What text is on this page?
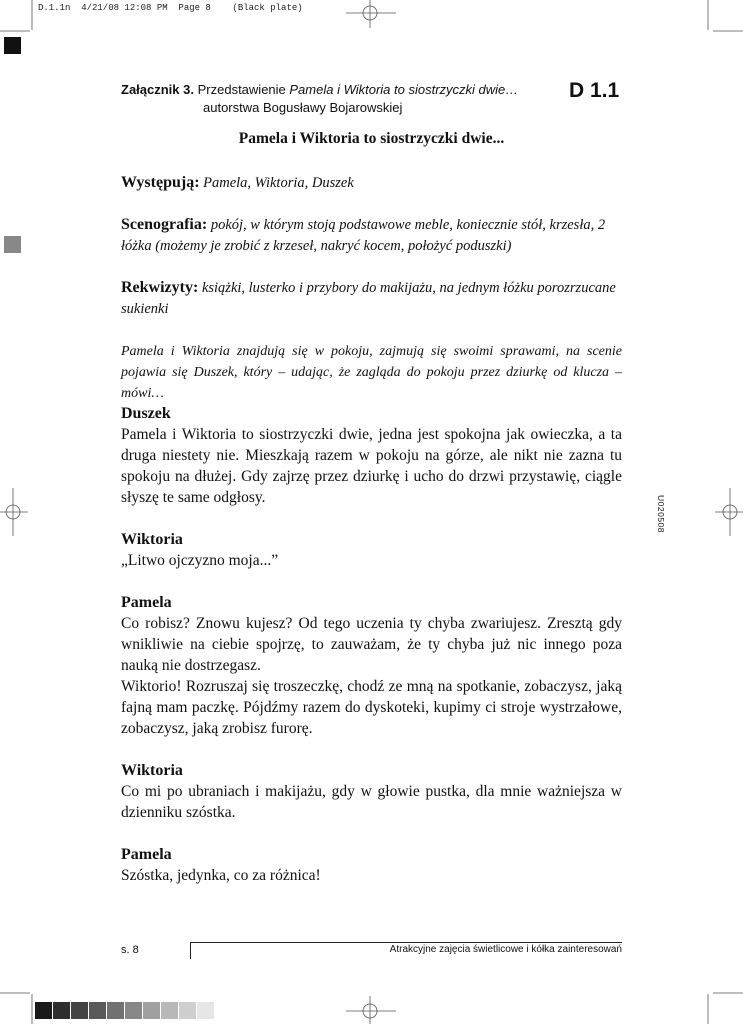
D.1.1n  4/21/08 12:08 PM  Page 8    (Black plate)
Załącznik 3. Przedstawienie Pamela i Wiktoria to siostrzyczki dwie…
autorstwa Bogusławy Bojarowskiej
D 1.1
Pamela i Wiktoria to siostrzyczki dwie...
Występują: Pamela, Wiktoria, Duszek
Scenografia: pokój, w którym stoją podstawowe meble, koniecznie stół, krzesła, 2 łóżka (możemy je zrobić z krzeseł, nakryć kocem, położyć poduszki)
Rekwizyty: książki, lusterko i przybory do makijażu, na jednym łóżku porozrzucane sukienki
Pamela i Wiktoria znajdują się w pokoju, zajmują się swoimi sprawami, na scenie pojawia się Duszek, który – udając, że zagląda do pokoju przez dziurkę od klucza – mówi…
Duszek
Pamela i Wiktoria to siostrzyczki dwie, jedna jest spokojna jak owieczka, a ta druga niestety nie. Mieszkają razem w pokoju na górze, ale nikt nie zazna tu spokoju na dłużej. Gdy zajrzę przez dziurkę i ucho do drzwi przystawię, ciągle słyszę te same odgłosy.
Wiktoria
„Litwo ojczyzno moja...”
Pamela
Co robisz? Znowu kujesz? Od tego uczenia ty chyba zwariujesz. Zresztą gdy wnikliwie na ciebie spojrzę, to zauważam, że ty chyba już nic innego poza nauką nie dostrzegasz.
Wiktorio! Rozruszaj się troszeczkę, chodź ze mną na spotkanie, zobaczysz, jaką fajną mam paczkę. Pójdźmy razem do dyskoteki, kupimy ci stroje wystrzałowe, zobaczysz, jaką zrobisz furorę.
Wiktoria
Co mi po ubraniach i makijażu, gdy w głowie pustka, dla mnie ważniejsza w dzienniku szóstka.
Pamela
Szóstka, jedynka, co za różnica!
U020508
s. 8	Atrakcyjne zajęcia świetlicowe i kółka zainteresowań
